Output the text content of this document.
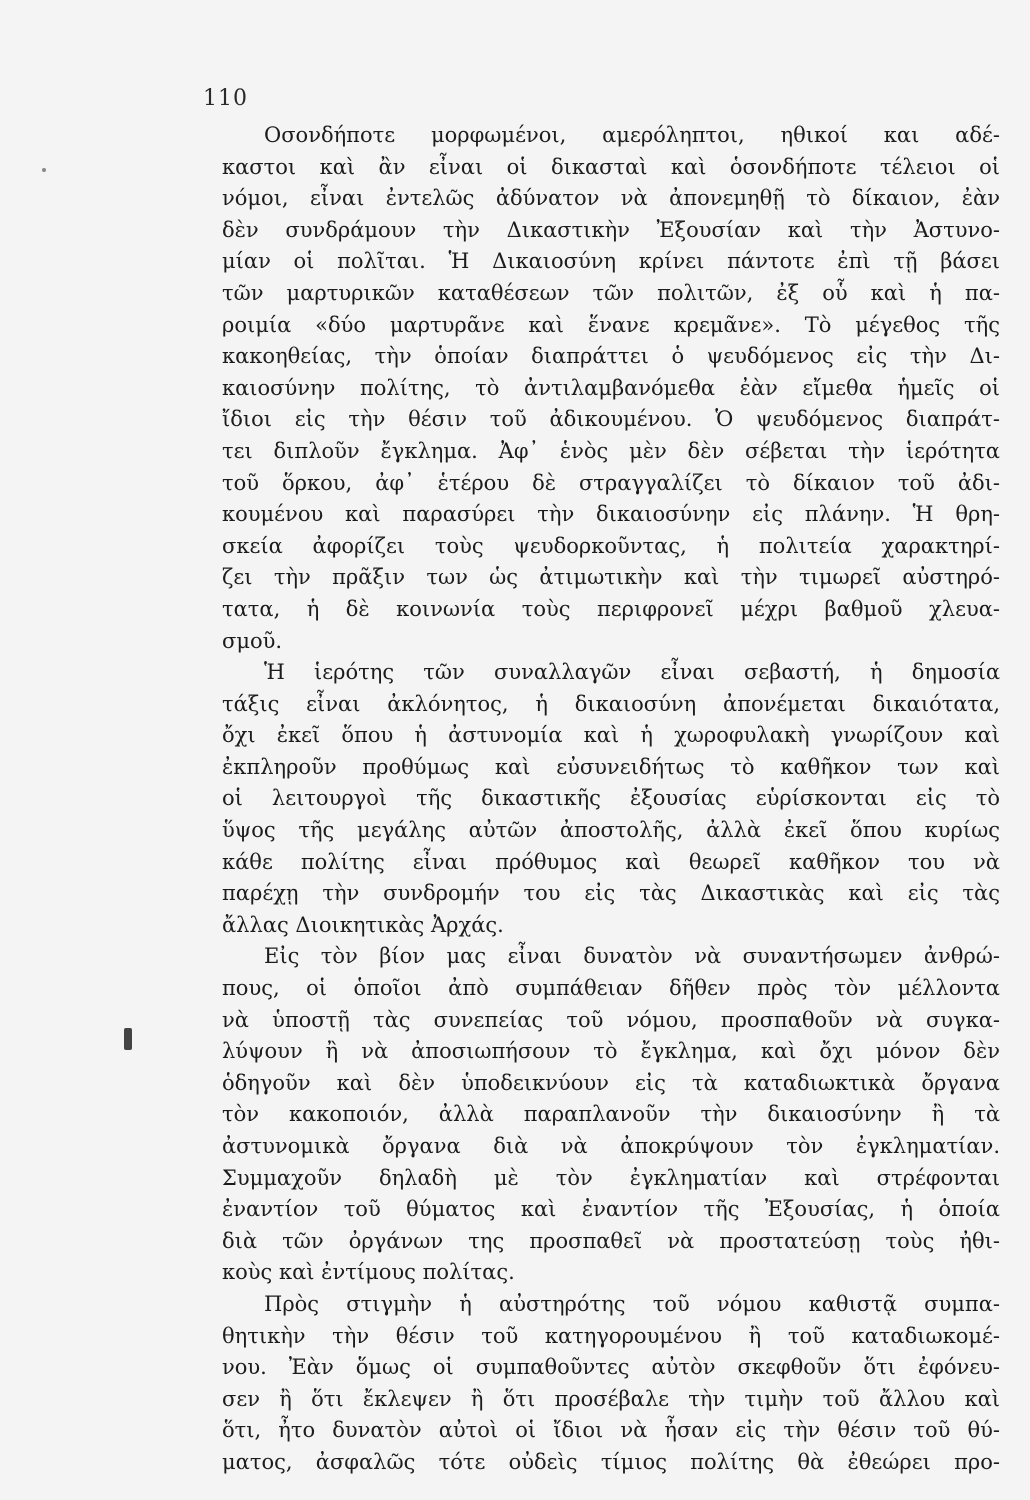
110
Οσονδήποτε μορφωμένοι, αμερόληπτοι, ηθικοί και αδέ-
καστοι καὶ ἂν εἶναι οἱ δικασταὶ καὶ ὁσονδήποτε τέλειοι οἱ
νόμοι, εἶναι ἐντελῶς ἀδύνατον νὰ ἀπονεμηθῇ τὸ δίκαιον, ἐὰν
δὲν συνδράμουν τὴν Δικαστικὴν Ἐξουσίαν καὶ τὴν Ἀστυνο-
μίαν οἱ πολῖται. Ἡ Δικαιοσύνη κρίνει πάντοτε ἐπὶ τῇ βάσει
τῶν μαρτυρικῶν καταθέσεων τῶν πολιτῶν, ἐξ οὗ καὶ ἡ πα-
ροιμία «δύο μαρτυρᾶνε καὶ ἕνανε κρεμᾶνε». Τὸ μέγεθος τῆς
κακοηθείας, τὴν ὁποίαν διαπράττει ὁ ψευδόμενος εἰς τὴν Δι-
καιοσύνην πολίτης, τὸ ἀντιλαμβανόμεθα ἐὰν εἴμεθα ἡμεῖς οἱ
ἴδιοι εἰς τὴν θέσιν τοῦ ἀδικουμένου. Ὁ ψευδόμενος διαπράτ-
τει διπλοῦν ἔγκλημα. Ἀφ᾽ ἑνὸς μὲν δὲν σέβεται τὴν ἱερότητα
τοῦ ὅρκου, ἀφ᾽ ἑτέρου δὲ στραγγαλίζει τὸ δίκαιον τοῦ ἀδι-
κουμένου καὶ παρασύρει τὴν δικαιοσύνην εἰς πλάνην. Ἡ θρη-
σκεία ἀφορίζει τοὺς ψευδορκοῦντας, ἡ πολιτεία χαρακτηρί-
ζει τὴν πρᾶξιν των ὡς ἀτιμωτικὴν καὶ τὴν τιμωρεῖ αὐστηρό-
τατα, ἡ δὲ κοινωνία τοὺς περιφρονεῖ μέχρι βαθμοῦ χλευα-
σμοῦ.
Ἡ ἱερότης τῶν συναλλαγῶν εἶναι σεβαστή, ἡ δημοσία
τάξις εἶναι ἀκλόνητος, ἡ δικαιοσύνη ἀπονέμεται δικαιότατα,
ὄχι ἐκεῖ ὅπου ἡ ἀστυνομία καὶ ἡ χωροφυλακὴ γνωρίζουν καὶ
ἐκπληροῦν προθύμως καὶ εὐσυνειδήτως τὸ καθῆκον των καὶ
οἱ λειτουργοὶ τῆς δικαστικῆς ἐξουσίας εὑρίσκονται εἰς τὸ
ὕψος τῆς μεγάλης αὐτῶν ἀποστολῆς, ἀλλὰ ἐκεῖ ὅπου κυρίως
κάθε πολίτης εἶναι πρόθυμος καὶ θεωρεῖ καθῆκον του νὰ
παρέχῃ τὴν συνδρομήν του εἰς τὰς Δικαστικὰς καὶ εἰς τὰς
ἄλλας Διοικητικὰς Ἀρχάς.
Εἰς τὸν βίον μας εἶναι δυνατὸν νὰ συναντήσωμεν ἀνθρώ-
πους, οἱ ὁποῖοι ἀπὸ συμπάθειαν δῆθεν πρὸς τὸν μέλλοντα
νὰ ὑποστῇ τὰς συνεπείας τοῦ νόμου, προσπαθοῦν νὰ συγκα-
λύψουν ἢ νὰ ἀποσιωπήσουν τὸ ἔγκλημα, καὶ ὄχι μόνον δὲν
ὁδηγοῦν καὶ δὲν ὑποδεικνύουν εἰς τὰ καταδιωκτικὰ ὄργανα
τὸν κακοποιόν, ἀλλὰ παραπλανοῦν τὴν δικαιοσύνην ἢ τὰ
ἀστυνομικὰ ὄργανα διὰ νὰ ἀποκρύψουν τὸν ἐγκληματίαν.
Συμμαχοῦν δηλαδὴ μὲ τὸν ἐγκληματίαν καὶ στρέφονται
ἐναντίον τοῦ θύματος καὶ ἐναντίον τῆς Ἐξουσίας, ἡ ὁποία
διὰ τῶν ὀργάνων της προσπαθεῖ νὰ προστατεύσῃ τοὺς ἠθι-
κοὺς καὶ ἐντίμους πολίτας.
Πρὸς στιγμὴν ἡ αὐστηρότης τοῦ νόμου καθιστᾷ συμπα-
θητικὴν τὴν θέσιν τοῦ κατηγορουμένου ἢ τοῦ καταδιωκομέ-
νου. Ἐὰν ὅμως οἱ συμπαθοῦντες αὐτὸν σκεφθοῦν ὅτι ἐφόνευ-
σεν ἢ ὅτι ἔκλεψεν ἢ ὅτι προσέβαλε τὴν τιμὴν τοῦ ἄλλου καὶ
ὅτι, ἦτο δυνατὸν αὐτοὶ οἱ ἴδιοι νὰ ἦσαν εἰς τὴν θέσιν τοῦ θύ-
ματος, ἀσφαλῶς τότε οὐδεὶς τίμιος πολίτης θὰ ἐθεώρει προ-
